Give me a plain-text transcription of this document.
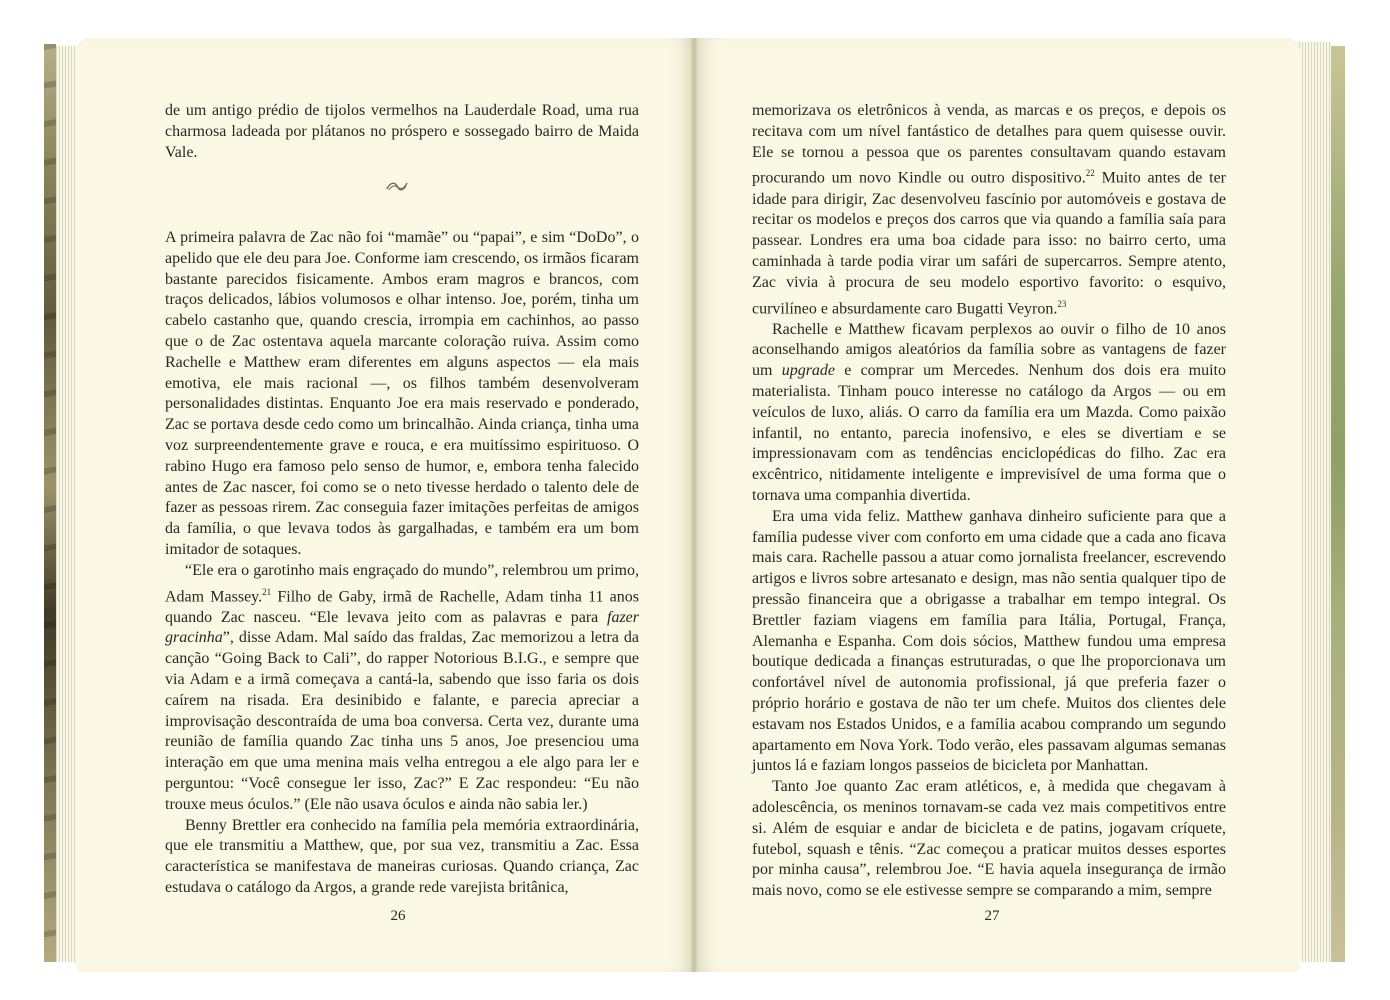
de um antigo prédio de tijolos vermelhos na Lauderdale Road, uma rua charmosa ladeada por plátanos no próspero e sossegado bairro de Maida Vale.

A primeira palavra de Zac não foi “mamãe” ou “papai”, e sim “DoDo”, o apelido que ele deu para Joe. Conforme iam crescendo, os irmãos ficaram bastante parecidos fisicamente. Ambos eram magros e brancos, com traços delicados, lábios volumosos e olhar intenso. Joe, porém, tinha um cabelo castanho que, quando crescia, irrompia em cachinhos, ao passo que o de Zac ostentava aquela marcante coloração ruiva. Assim como Rachelle e Matthew eram diferentes em alguns aspectos — ela mais emotiva, ele mais racional —, os filhos também desenvolveram personalidades distintas. Enquanto Joe era mais reservado e ponderado, Zac se portava desde cedo como um brincalhão. Ainda criança, tinha uma voz surpreendentemente grave e rouca, e era muitíssimo espirituoso. O rabino Hugo era famoso pelo senso de humor, e, embora tenha falecido antes de Zac nascer, foi como se o neto tivesse herdado o talento dele de fazer as pessoas rirem. Zac conseguia fazer imitações perfeitas de amigos da família, o que levava todos às gargalhadas, e também era um bom imitador de sotaques.

“Ele era o garotinho mais engraçado do mundo”, relembrou um primo, Adam Massey.$^{21}$ Filho de Gaby, irmã de Rachelle, Adam tinha 11 anos quando Zac nasceu. “Ele levava jeito com as palavras e para fazer gracinha”, disse Adam. Mal saído das fraldas, Zac memorizou a letra da canção “Going Back to Cali”, do rapper Notorious B.I.G., e sempre que via Adam e a irmã começava a cantá-la, sabendo que isso faria os dois caírem na risada. Era desinibido e falante, e parecia apreciar a improvisação descontraída de uma boa conversa. Certa vez, durante uma reunião de família quando Zac tinha uns 5 anos, Joe presenciou uma interação em que uma menina mais velha entregou a ele algo para ler e perguntou: “Você consegue ler isso, Zac?” E Zac respondeu: “Eu não trouxe meus óculos.” (Ele não usava óculos e ainda não sabia ler.)

Benny Brettler era conhecido na família pela memória extraordinária, que ele transmitiu a Matthew, que, por sua vez, transmitiu a Zac. Essa característica se manifestava de maneiras curiosas. Quando criança, Zac estudava o catálogo da Argos, a grande rede varejista britânica,

26

memorizava os eletrônicos à venda, as marcas e os preços, e depois os recitava com um nível fantástico de detalhes para quem quisesse ouvir. Ele se tornou a pessoa que os parentes consultavam quando estavam procurando um novo Kindle ou outro dispositivo.$^{22}$ Muito antes de ter idade para dirigir, Zac desenvolveu fascínio por automóveis e gostava de recitar os modelos e preços dos carros que via quando a família saía para passear. Londres era uma boa cidade para isso: no bairro certo, uma caminhada à tarde podia virar um safári de supercarros. Sempre atento, Zac vivia à procura de seu modelo esportivo favorito: o esquivo, curvilíneo e absurdamente caro Bugatti Veyron.$^{23}$

Rachelle e Matthew ficavam perplexos ao ouvir o filho de 10 anos aconselhando amigos aleatórios da família sobre as vantagens de fazer um upgrade e comprar um Mercedes. Nenhum dos dois era muito materialista. Tinham pouco interesse no catálogo da Argos — ou em veículos de luxo, aliás. O carro da família era um Mazda. Como paixão infantil, no entanto, parecia inofensivo, e eles se divertiam e se impressionavam com as tendências enciclopédicas do filho. Zac era excêntrico, nitidamente inteligente e imprevisível de uma forma que o tornava uma companhia divertida.

Era uma vida feliz. Matthew ganhava dinheiro suficiente para que a família pudesse viver com conforto em uma cidade que a cada ano ficava mais cara. Rachelle passou a atuar como jornalista freelancer, escrevendo artigos e livros sobre artesanato e design, mas não sentia qualquer tipo de pressão financeira que a obrigasse a trabalhar em tempo integral. Os Brettler faziam viagens em família para Itália, Portugal, França, Alemanha e Espanha. Com dois sócios, Matthew fundou uma empresa boutique dedicada a finanças estruturadas, o que lhe proporcionava um confortável nível de autonomia profissional, já que preferia fazer o próprio horário e gostava de não ter um chefe. Muitos dos clientes dele estavam nos Estados Unidos, e a família acabou comprando um segundo apartamento em Nova York. Todo verão, eles passavam algumas semanas juntos lá e faziam longos passeios de bicicleta por Manhattan.

Tanto Joe quanto Zac eram atléticos, e, à medida que chegavam à adolescência, os meninos tornavam-se cada vez mais competitivos entre si. Além de esquiar e andar de bicicleta e de patins, jogavam críquete, futebol, squash e tênis. “Zac começou a praticar muitos desses esportes por minha causa”, relembrou Joe. “E havia aquela insegurança de irmão mais novo, como se ele estivesse sempre se comparando a mim, sempre

27
